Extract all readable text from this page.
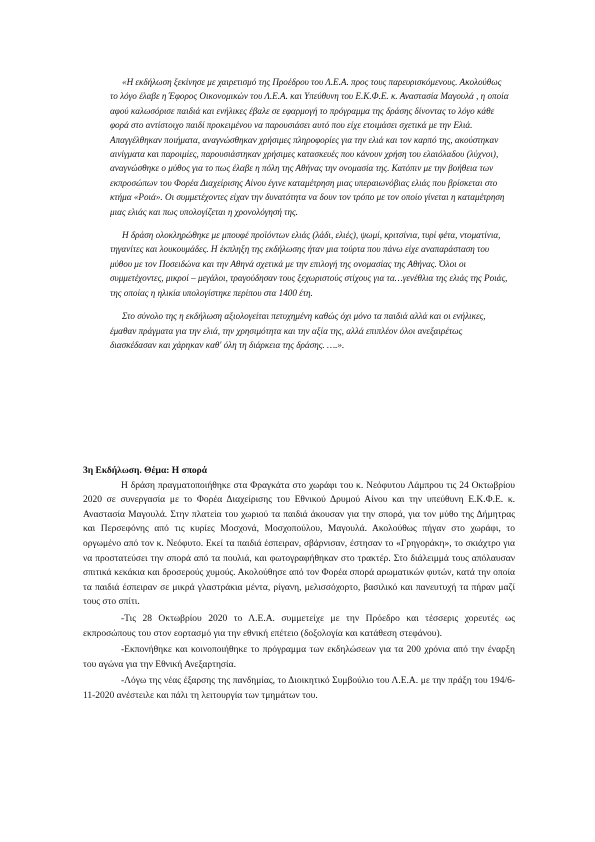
«Η εκδήλωση ξεκίνησε με χαιρετισμό της Προέδρου του Λ.Ε.Α. προς τους παρευρισκόμενους. Ακολούθως το λόγο έλαβε η Έφορος Οικονομικών του Λ.Ε.Α. και Υπεύθυνη του Ε.Κ.Φ.Ε. κ. Αναστασία Μαγουλά , η οποία αφού καλωσόρισε παιδιά και ενήλικες έβαλε σε εφαρμογή το πρόγραμμα της δράσης δίνοντας το λόγο κάθε φορά στο αντίστοιχο παιδί προκειμένου να παρουσιάσει αυτό που είχε ετοιμάσει σχετικά με την Ελιά. Απαγγέλθηκαν ποιήματα, αναγνώσθηκαν χρήσιμες πληροφορίες για την ελιά και τον καρπό της, ακούστηκαν αινίγματα και παροιμίες, παρουσιάστηκαν χρήσιμες κατασκευές που κάνουν χρήση του ελαιόλαδου (λύχνοι), αναγνώσθηκε ο μύθος για το πως έλαβε η πόλη της Αθήνας την ονομασία της. Κατόπιν με την βοήθεια των εκπροσώπων του Φορέα Διαχείρισης Αίνου έγινε καταμέτρηση μιας υπεραιωνόβιας ελιάς που βρίσκεται στο κτήμα «Ροιά». Οι συμμετέχοντες είχαν την δυνατότητα να δουν τον τρόπο με τον οποίο γίνεται η καταμέτρηση μιας ελιάς και πως υπολογίζεται η χρονολόγησή της.

Η δράση ολοκληρώθηκε με μπουφέ προϊόντων ελιάς (λάδι, ελιές), ψωμί, κριτσίνια, τυρί φέτα, ντοματίνια, τηγανίτες και λουκουμάδες. Η έκπληξη της εκδήλωσης ήταν μια τούρτα που πάνω είχε αναπαράσταση του μύθου με τον Ποσειδώνα και την Αθηνά σχετικά με την επιλογή της ονομασίας της Αθήνας. Όλοι οι συμμετέχοντες, μικροί – μεγάλοι, τραγούδησαν τους ξεχωριστούς στίχους για τα…γενέθλια της ελιάς της Ροιάς, της οποίας η ηλικία υπολογίστηκε περίπου στα 1400 έτη.

Στο σύνολο της η εκδήλωση αξιολογείται πετυχημένη καθώς όχι μόνο τα παιδιά αλλά και οι ενήλικες, έμαθαν πράγματα για την ελιά, την χρησιμότητα και την αξία της, αλλά επιπλέον όλοι ανεξαιρέτως διασκέδασαν και χάρηκαν καθ' όλη τη διάρκεια της δράσης. ….».

3η Εκδήλωση. Θέμα: Η σπορά

Η δράση πραγματοποιήθηκε στα Φραγκάτα στο χωράφι του κ. Νεόφυτου Λάμπρου τις 24 Οκτωβρίου 2020 σε συνεργασία με το Φορέα Διαχείρισης του Εθνικού Δρυμού Αίνου και την υπεύθυνη Ε.Κ.Φ.Ε. κ. Αναστασία Μαγουλά. Στην πλατεία του χωριού τα παιδιά άκουσαν για την σπορά, για τον μύθο της Δήμητρας και Περσεφόνης από τις κυρίες Μοσχονά, Μοσχοπούλου, Μαγουλά. Ακολούθως πήγαν στο χωράφι, το οργωμένο από τον κ. Νεόφυτο. Εκεί τα παιδιά έσπειραν, σβάρνισαν, έστησαν το «Γρηγοράκη», το σκιάχτρο για να προστατεύσει την σπορά από τα πουλιά, και φωτογραφήθηκαν στο τρακτέρ. Στο διάλειμμά τους απόλαυσαν σπιτικά κεκάκια και δροσερούς χυμούς. Ακολούθησε από τον Φορέα σπορά αρωματικών φυτών, κατά την οποία τα παιδιά έσπειραν σε μικρά γλαστράκια μέντα, ρίγανη, μελισσόχορτο, βασιλικό και πανευτυχή τα πήραν μαζί τους στο σπίτι.

-Τις 28 Οκτωβρίου 2020 το Λ.Ε.Α. συμμετείχε με την Πρόεδρο και τέσσερις χορευτές ως εκπροσώπους του στον εορτασμό για την εθνική επέτειο (δοξολογία και κατάθεση στεφάνου).

-Εκπονήθηκε και κοινοποιήθηκε το πρόγραμμα των εκδηλώσεων για τα 200 χρόνια από την έναρξη του αγώνα για την Εθνική Ανεξαρτησία.

-Λόγω της νέας έξαρσης της πανδημίας, το Διοικητικό Συμβούλιο του Λ.Ε.Α. με την πράξη του 194/6-11-2020 ανέστειλε και πάλι τη λειτουργία των τμημάτων του.
